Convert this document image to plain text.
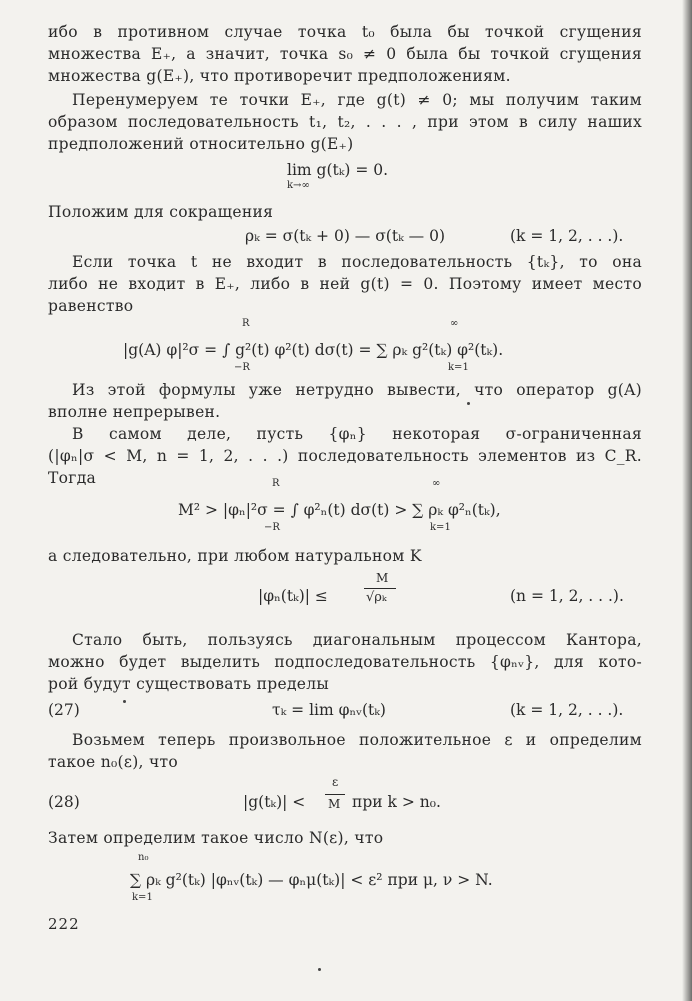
ибо в противном случае точка t₀ была бы точкой сгущения
множества E₊, а значит, точка s₀ ≠ 0 была бы точкой сгущения
множества g(E₊), что противоречит предположениям.
Перенумеруем те точки E₊, где g(t) ≠ 0; мы получим таким
образом последовательность t₁, t₂, . . . , при этом в силу наших
предположений относительно g(E₊)
lim g(tₖ) = 0.
k→∞
Положим для сокращения
ρₖ = σ(tₖ + 0) — σ(tₖ — 0)	(k = 1, 2, . . .).
Если точка t не входит в последовательность {tₖ}, то она
либо не входит в E₊, либо в ней g(t) = 0. Поэтому имеет место
равенство
R	∞
|g(A) φ|²σ = ∫ g²(t) φ²(t) dσ(t) = ∑ ρₖ g²(tₖ) φ²(tₖ).
−R	k=1
Из этой формулы уже нетрудно вывести, что оператор g(A)
вполне непрерывен.
В самом деле, пусть {φₙ} некоторая σ-ограниченная
(|φₙ|σ < M, n = 1, 2, . . .) последовательность элементов из C_R.
Тогда	R	∞
M² > |φₙ|²σ = ∫ φ²ₙ(t) dσ(t) > ∑ ρₖ φ²ₙ(tₖ),
−R	k=1
а следовательно, при любом натуральном K
|φₙ(tₖ)| ≤
M
√ρₖ	(n = 1, 2, . . .).
Стало быть, пользуясь диагональным процессом Кантора,
можно будет выделить подпоследовательность {φₙᵥ}, для кото-
рой будут существовать пределы
(27)	τₖ = lim φₙᵥ(tₖ)	(k = 1, 2, . . .).
Возьмем теперь произвольное положительное ε и определим
такое n₀(ε), что
(28)	|g(tₖ)| <
ε
M при k > n₀.
Затем определим такое число N(ε), что
n₀
∑ ρₖ g²(tₖ) |φₙᵥ(tₖ) — φₙμ(tₖ)| < ε² при μ, ν > N.
k=1
222
